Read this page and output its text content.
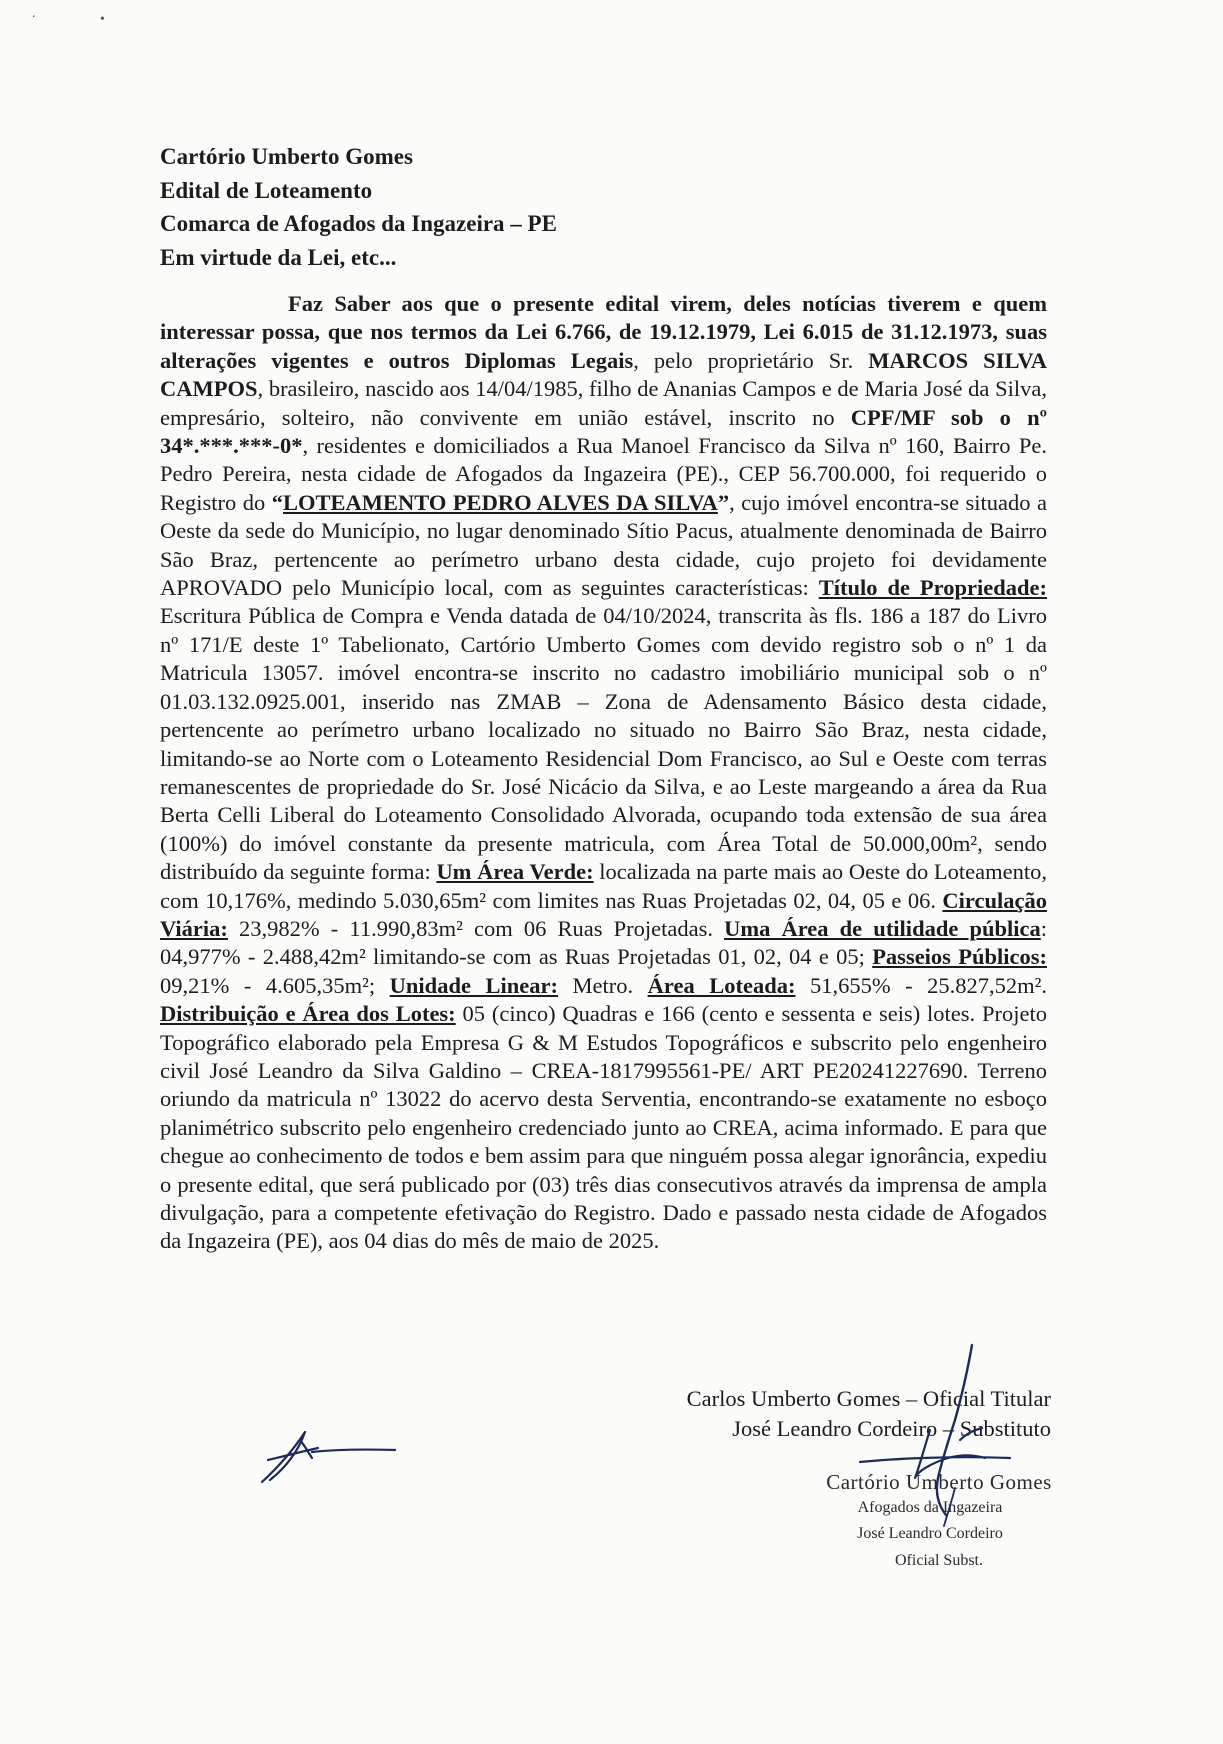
.	•
Cartório Umberto Gomes
Edital de Loteamento
Comarca de Afogados da Ingazeira – PE
Em virtude da Lei, etc...
Faz Saber aos que o presente edital virem, deles notícias tiverem e quem interessar possa, que nos termos da Lei 6.766, de 19.12.1979, Lei 6.015 de 31.12.1973, suas alterações vigentes e outros Diplomas Legais, pelo proprietário Sr. MARCOS SILVA CAMPOS, brasileiro, nascido aos 14/04/1985, filho de Ananias Campos e de Maria José da Silva, empresário, solteiro, não convivente em união estável, inscrito no CPF/MF sob o nº 34*.***.***-0*, residentes e domiciliados a Rua Manoel Francisco da Silva nº 160, Bairro Pe. Pedro Pereira, nesta cidade de Afogados da Ingazeira (PE)., CEP 56.700.000, foi requerido o Registro do “LOTEAMENTO PEDRO ALVES DA SILVA”, cujo imóvel encontra-se situado a Oeste da sede do Município, no lugar denominado Sítio Pacus, atualmente denominada de Bairro São Braz, pertencente ao perímetro urbano desta cidade, cujo projeto foi devidamente APROVADO pelo Município local, com as seguintes características: Título de Propriedade: Escritura Pública de Compra e Venda datada de 04/10/2024, transcrita às fls. 186 a 187 do Livro nº 171/E deste 1º Tabelionato, Cartório Umberto Gomes com devido registro sob o nº 1 da Matricula 13057. imóvel encontra-se inscrito no cadastro imobiliário municipal sob o nº 01.03.132.0925.001, inserido nas ZMAB – Zona de Adensamento Básico desta cidade, pertencente ao perímetro urbano localizado no situado no Bairro São Braz, nesta cidade, limitando-se ao Norte com o Loteamento Residencial Dom Francisco, ao Sul e Oeste com terras remanescentes de propriedade do Sr. José Nicácio da Silva, e ao Leste margeando a área da Rua Berta Celli Liberal do Loteamento Consolidado Alvorada, ocupando toda extensão de sua área (100%) do imóvel constante da presente matricula, com Área Total de 50.000,00m², sendo distribuído da seguinte forma: Um Área Verde: localizada na parte mais ao Oeste do Loteamento, com 10,176%, medindo 5.030,65m² com limites nas Ruas Projetadas 02, 04, 05 e 06. Circulação Viária: 23,982% - 11.990,83m² com 06 Ruas Projetadas. Uma Área de utilidade pública: 04,977% - 2.488,42m² limitando-se com as Ruas Projetadas 01, 02, 04 e 05; Passeios Públicos: 09,21% - 4.605,35m²; Unidade Linear: Metro. Área Loteada: 51,655% - 25.827,52m². Distribuição e Área dos Lotes: 05 (cinco) Quadras e 166 (cento e sessenta e seis) lotes. Projeto Topográfico elaborado pela Empresa G & M Estudos Topográficos e subscrito pelo engenheiro civil José Leandro da Silva Galdino – CREA-1817995561-PE/ ART PE20241227690. Terreno oriundo da matricula nº 13022 do acervo desta Serventia, encontrando-se exatamente no esboço planimétrico subscrito pelo engenheiro credenciado junto ao CREA, acima informado. E para que chegue ao conhecimento de todos e bem assim para que ninguém possa alegar ignorância, expediu o presente edital, que será publicado por (03) três dias consecutivos através da imprensa de ampla divulgação, para a competente efetivação do Registro. Dado e passado nesta cidade de Afogados da Ingazeira (PE), aos 04 dias do mês de maio de 2025.
Carlos Umberto Gomes – Oficial Titular
José Leandro Cordeiro – Substituto
Cartório Umberto Gomes
Afogados da Ingazeira
José Leandro Cordeiro
Oficial Subst.
